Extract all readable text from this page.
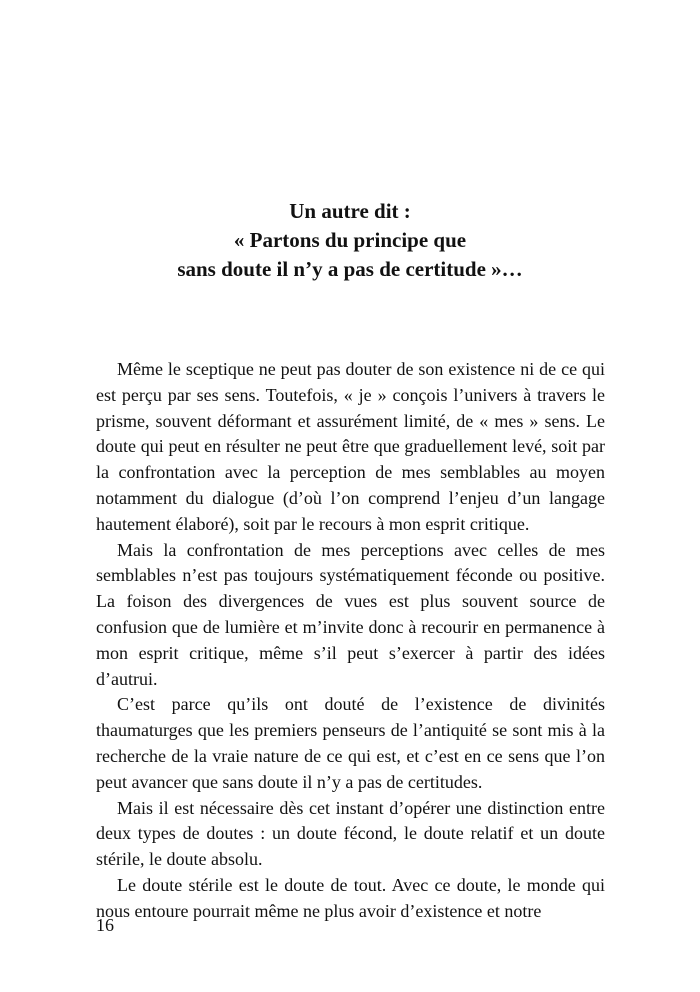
Un autre dit :
« Partons du principe que
sans doute il n’y a pas de certitude »…

Même le sceptique ne peut pas douter de son existence ni de ce qui est perçu par ses sens. Toutefois, « je » conçois l’univers à travers le prisme, souvent déformant et assurément limité, de « mes » sens. Le doute qui peut en résulter ne peut être que graduellement levé, soit par la confrontation avec la perception de mes semblables au moyen notamment du dialogue (d’où l’on comprend l’enjeu d’un langage hautement élaboré), soit par le recours à mon esprit critique.

Mais la confrontation de mes perceptions avec celles de mes semblables n’est pas toujours systématiquement féconde ou positive. La foison des divergences de vues est plus souvent source de confusion que de lumière et m’invite donc à recourir en permanence à mon esprit critique, même s’il peut s’exercer à partir des idées d’autrui.

C’est parce qu’ils ont douté de l’existence de divinités thaumaturges que les premiers penseurs de l’antiquité se sont mis à la recherche de la vraie nature de ce qui est, et c’est en ce sens que l’on peut avancer que sans doute il n’y a pas de certitudes.

Mais il est nécessaire dès cet instant d’opérer une distinction entre deux types de doutes : un doute fécond, le doute relatif et un doute stérile, le doute absolu.

Le doute stérile est le doute de tout. Avec ce doute, le monde qui nous entoure pourrait même ne plus avoir d’existence et notre

16
